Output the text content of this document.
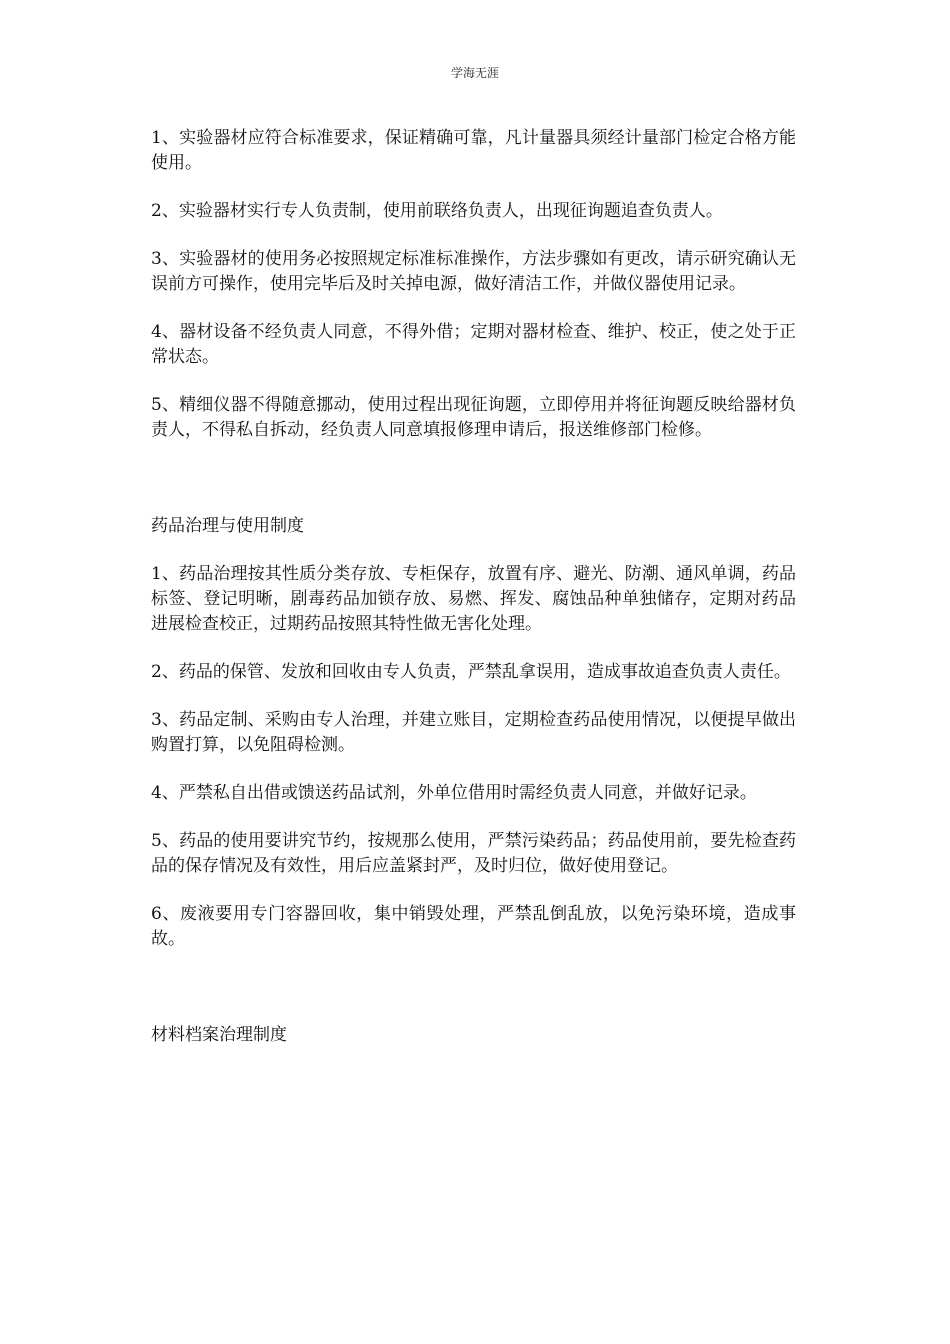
学海无涯

1、实验器材应符合标准要求，保证精确可靠，凡计量器具须经计量部门检定合格方能使用。

2、实验器材实行专人负责制，使用前联络负责人，出现征询题追查负责人。

3、实验器材的使用务必按照规定标准标准操作，方法步骤如有更改，请示研究确认无误前方可操作，使用完毕后及时关掉电源，做好清洁工作，并做仪器使用记录。

4、器材设备不经负责人同意，不得外借；定期对器材检查、维护、校正，使之处于正常状态。

5、精细仪器不得随意挪动，使用过程出现征询题，立即停用并将征询题反映给器材负责人，不得私自拆动，经负责人同意填报修理申请后，报送维修部门检修。

药品治理与使用制度

1、药品治理按其性质分类存放、专柜保存，放置有序、避光、防潮、通风单调，药品标签、登记明晰，剧毒药品加锁存放、易燃、挥发、腐蚀品种单独储存，定期对药品进展检查校正，过期药品按照其特性做无害化处理。

2、药品的保管、发放和回收由专人负责，严禁乱拿误用，造成事故追查负责人责任。

3、药品定制、采购由专人治理，并建立账目，定期检查药品使用情况，以便提早做出购置打算，以免阻碍检测。

4、严禁私自出借或馈送药品试剂，外单位借用时需经负责人同意，并做好记录。

5、药品的使用要讲究节约，按规那么使用，严禁污染药品；药品使用前，要先检查药品的保存情况及有效性，用后应盖紧封严，及时归位，做好使用登记。

6、废液要用专门容器回收，集中销毁处理，严禁乱倒乱放，以免污染环境，造成事故。

材料档案治理制度
